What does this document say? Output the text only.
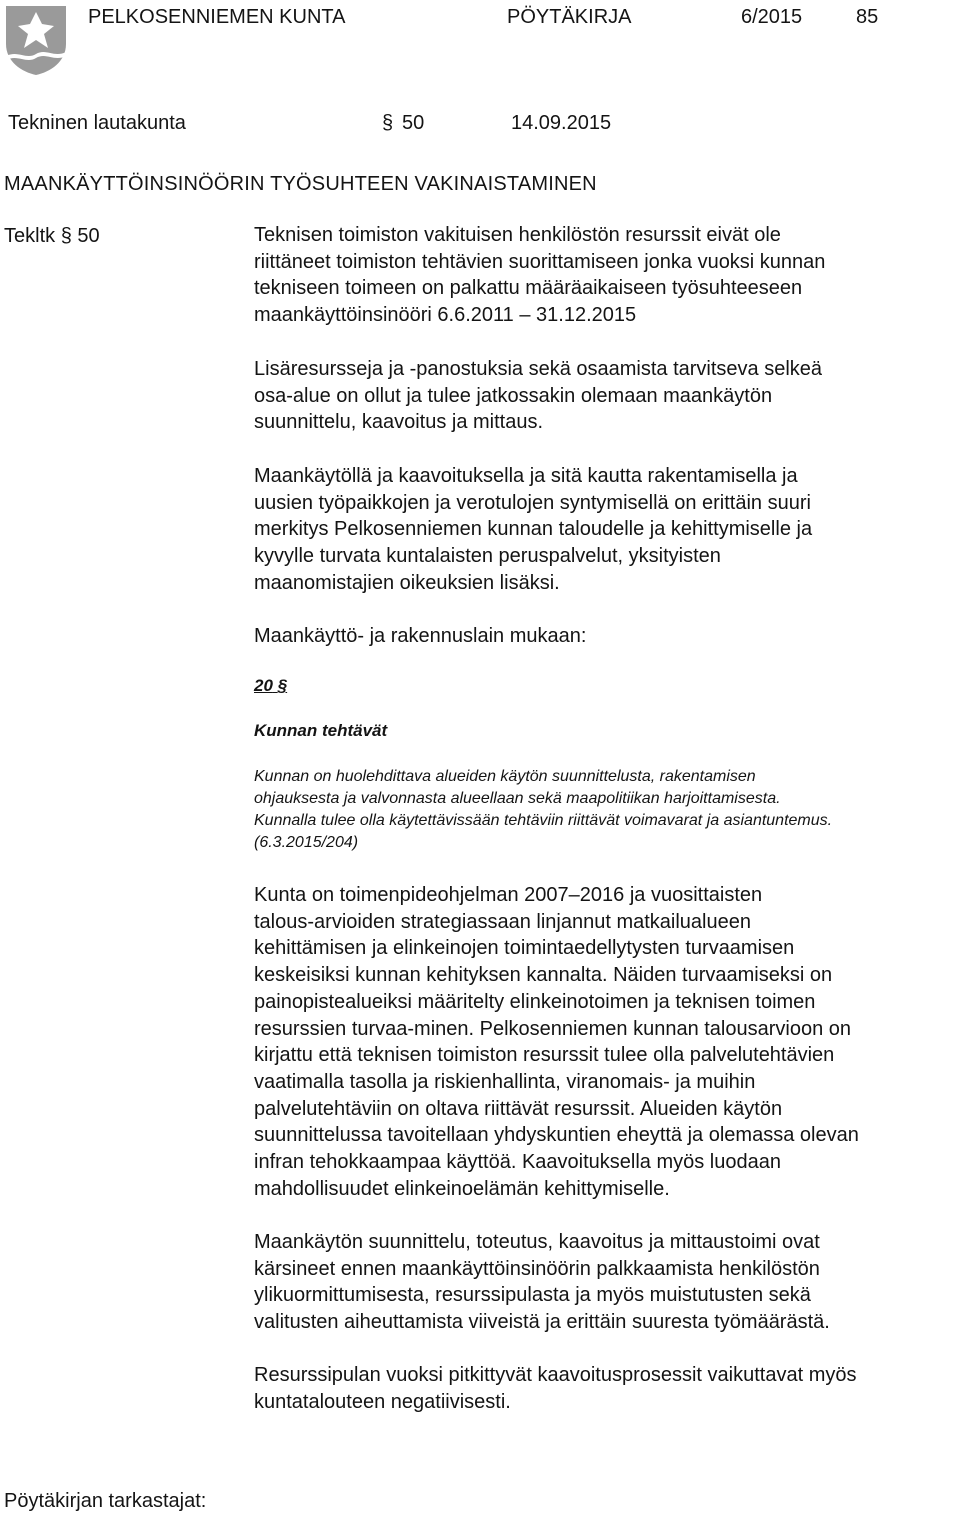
PELKOSENNIEMEN KUNTA	PÖYTÄKIRJA	6/2015	85
Tekninen lautakunta	§ 50	14.09.2015
MAANKÄYTTÖINSINÖÖRIN TYÖSUHTEEN VAKINAISTAMINEN
Tekltk § 50	Teknisen toimiston vakituisen henkilöstön resurssit eivät ole
riittäneet toimiston tehtävien suorittamiseen jonka vuoksi kunnan
tekniseen toimeen on palkattu määräaikaiseen työsuhteeseen
maankäyttöinsinööri 6.6.2011 – 31.12.2015
Lisäresursseja ja -panostuksia sekä osaamista tarvitseva selkeä
osa-alue on ollut ja tulee jatkossakin olemaan maankäytön
suunnittelu, kaavoitus ja mittaus.
Maankäytöllä ja kaavoituksella ja sitä kautta rakentamisella ja
uusien työpaikkojen ja verotulojen syntymisellä on erittäin suuri
merkitys Pelkosenniemen kunnan taloudelle ja kehittymiselle ja
kyvylle turvata kuntalaisten peruspalvelut, yksityisten
maanomistajien oikeuksien lisäksi.
Maankäyttö- ja rakennuslain mukaan:
20 §
Kunnan tehtävät
Kunnan on huolehdittava alueiden käytön suunnittelusta, rakentamisen
ohjauksesta ja valvonnasta alueellaan sekä maapolitiikan harjoittamisesta.
Kunnalla tulee olla käytettävissään tehtäviin riittävät voimavarat ja asiantuntemus.
(6.3.2015/204)
Kunta on toimenpideohjelman 2007–2016 ja vuosittaisten
talous-arvioiden strategiassaan linjannut matkailualueen
kehittämisen ja elinkeinojen toimintaedellytysten turvaamisen
keskeisiksi kunnan kehityksen kannalta. Näiden turvaamiseksi on
painopistealueiksi määritelty elinkeinotoimen ja teknisen toimen
resurssien turvaa-minen. Pelkosenniemen kunnan talousarvioon on
kirjattu että teknisen toimiston resurssit tulee olla palvelutehtävien
vaatimalla tasolla ja riskienhallinta, viranomais- ja muihin
palvelutehtäviin on oltava riittävät resurssit. Alueiden käytön
suunnittelussa tavoitellaan yhdyskuntien eheyttä ja olemassa olevan
infran tehokkaampaa käyttöä. Kaavoituksella myös luodaan
mahdollisuudet elinkeinoelämän kehittymiselle.
Maankäytön suunnittelu, toteutus, kaavoitus ja mittaustoimi ovat
kärsineet ennen maankäyttöinsinöörin palkkaamista henkilöstön
ylikuormittumisesta, resurssipulasta ja myös muistutusten sekä
valitusten aiheuttamista viiveistä ja erittäin suuresta työmäärästä.
Resurssipulan vuoksi pitkittyvät kaavoitusprosessit vaikuttavat myös
kuntatalouteen negatiivisesti.
Pöytäkirjan tarkastajat:
